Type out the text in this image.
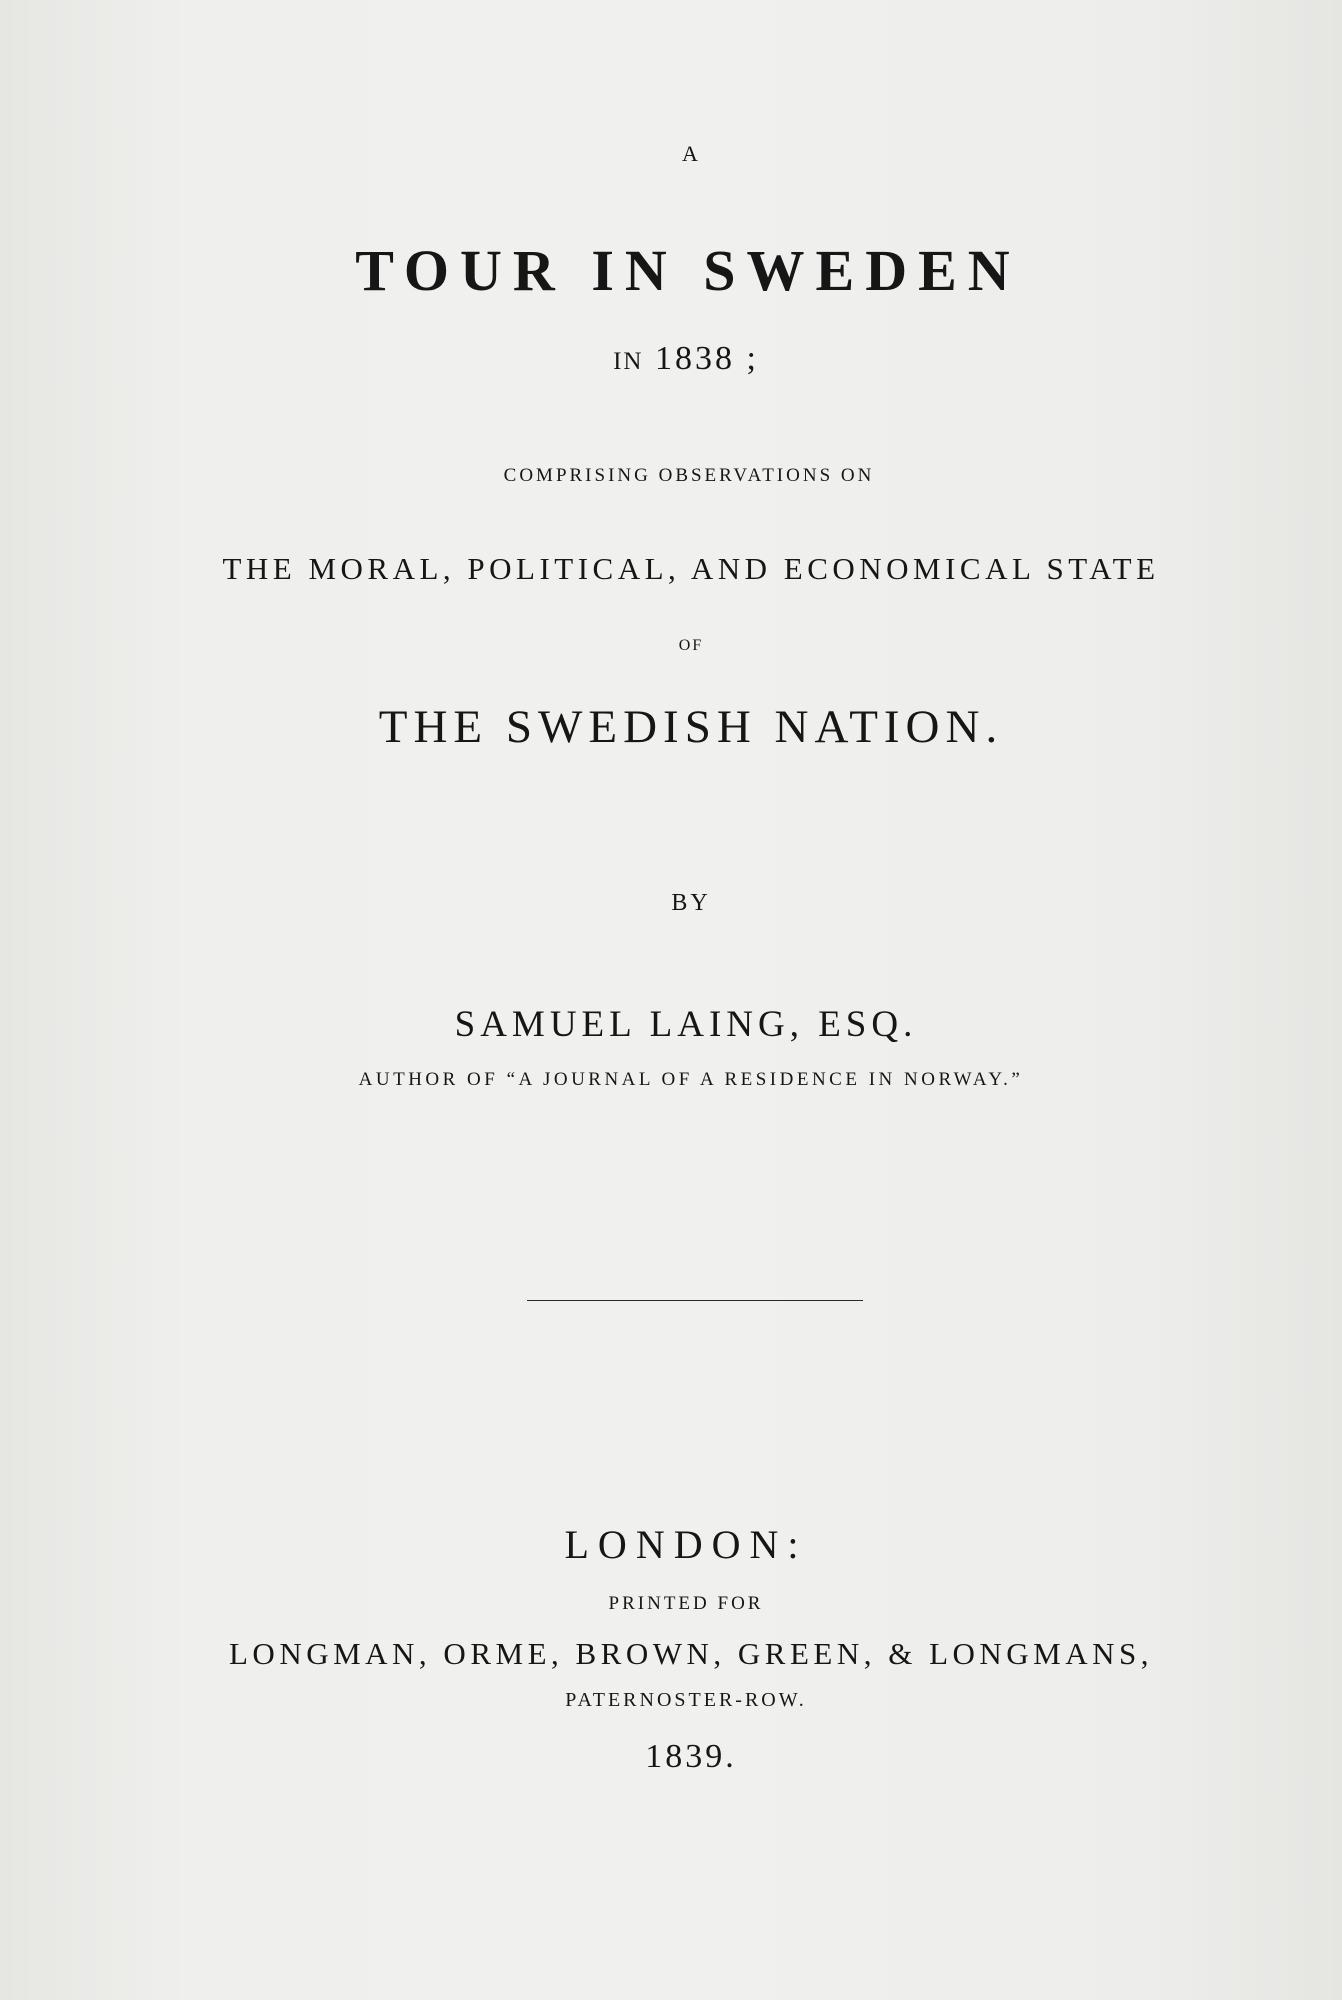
A
TOUR IN SWEDEN
IN 1838 ;
COMPRISING OBSERVATIONS ON
THE MORAL, POLITICAL, AND ECONOMICAL STATE
OF
THE SWEDISH NATION.
BY
SAMUEL LAING, ESQ.
AUTHOR OF “A JOURNAL OF A RESIDENCE IN NORWAY.”
LONDON:
PRINTED FOR
LONGMAN, ORME, BROWN, GREEN, & LONGMANS,
PATERNOSTER-ROW.
1839.
